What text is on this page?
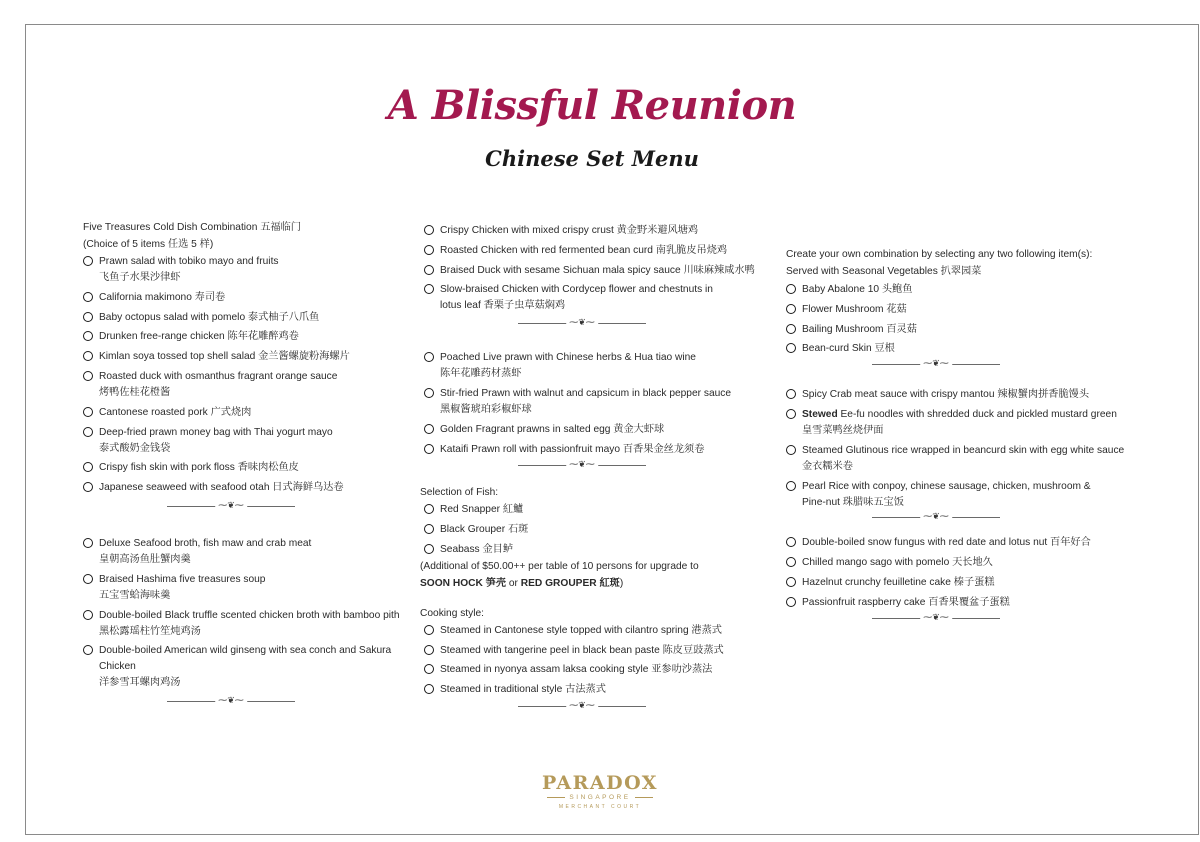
A Blissful Reunion
Chinese Set Menu
Five Treasures Cold Dish Combination 五福临门
(Choice of 5 items 任选 5 样)
Prawn salad with tobiko mayo and fruits
飞鱼子水果沙律虾
California makimono 寿司卷
Baby octopus salad with pomelo 泰式柚子八爪鱼
Drunken free-range chicken 陈年花雕醉鸡卷
Kimlan soya tossed top shell salad 金兰酱螺旋粉海螺片
Roasted duck with osmanthus fragrant orange sauce
烤鸭佐桂花橙酱
Cantonese roasted pork 广式烧肉
Deep-fried prawn money bag with Thai yogurt mayo
泰式酸奶金钱袋
Crispy fish skin with pork floss 香味肉松鱼皮
Japanese seaweed with seafood otah 日式海鲜乌达卷
⁓❦⁓
Deluxe Seafood broth, fish maw and crab meat
皇朝高汤鱼肚蟹肉羹
Braised Hashima five treasures soup
五宝雪蛤海味羹
Double-boiled Black truffle scented chicken broth with bamboo pith
黑松露瑶柱竹笙炖鸡汤
Double-boiled American wild ginseng with sea conch and Sakura
Chicken
洋参雪耳螺肉鸡汤
⁓❦⁓
Crispy Chicken with mixed crispy crust 黄金野米避风塘鸡
Roasted Chicken with red fermented bean curd 南乳脆皮吊烧鸡
Braised Duck with sesame Sichuan mala spicy sauce 川味麻辣咸水鸭
Slow-braised Chicken with Cordycep flower and chestnuts in
lotus leaf 香栗子虫草菇焖鸡
⁓❦⁓
Poached Live prawn with Chinese herbs & Hua tiao wine
陈年花雕药材蒸虾
Stir-fried Prawn with walnut and capsicum in black pepper sauce
黑椒酱琥珀彩椒虾球
Golden Fragrant prawns in salted egg 黄金大虾球
Kataifi Prawn roll with passionfruit mayo 百香果金丝龙须卷
⁓❦⁓
Selection of Fish:
Red Snapper 紅鱸
Black Grouper 石斑
Seabass 金目鲈
(Additional of $50.00++ per table of 10 persons for upgrade to
SOON HOCK 笋壳 or RED GROUPER 紅斑)
Cooking style:
Steamed in Cantonese style topped with cilantro spring 港蒸式
Steamed with tangerine peel in black bean paste 陈皮豆豉蒸式
Steamed in nyonya assam laksa cooking style 亚参叻沙蒸法
Steamed in traditional style 古法蒸式
⁓❦⁓
Create your own combination by selecting any two following item(s):
Served with Seasonal Vegetables 扒翠园菜
Baby Abalone 10 头鲍鱼
Flower Mushroom 花菇
Bailing Mushroom 百灵菇
Bean-curd Skin 豆根
⁓❦⁓
Spicy Crab meat sauce with crispy mantou 辣椒蟹肉拼香脆馒头
Stewed Ee-fu noodles with shredded duck and pickled mustard green
皇雪菜鸭丝烧伊面
Steamed Glutinous rice wrapped in beancurd skin with egg white sauce
金衣糯米卷
Pearl Rice with conpoy, chinese sausage, chicken, mushroom &
Pine-nut 珠腊味五宝饭
⁓❦⁓
Double-boiled snow fungus with red date and lotus nut 百年好合
Chilled mango sago with pomelo 天长地久
Hazelnut crunchy feuilletine cake 榛子蛋糕
Passionfruit raspberry cake 百香果覆盆子蛋糕
⁓❦⁓
PARADOX
SINGAPORE
MERCHANT COURT
